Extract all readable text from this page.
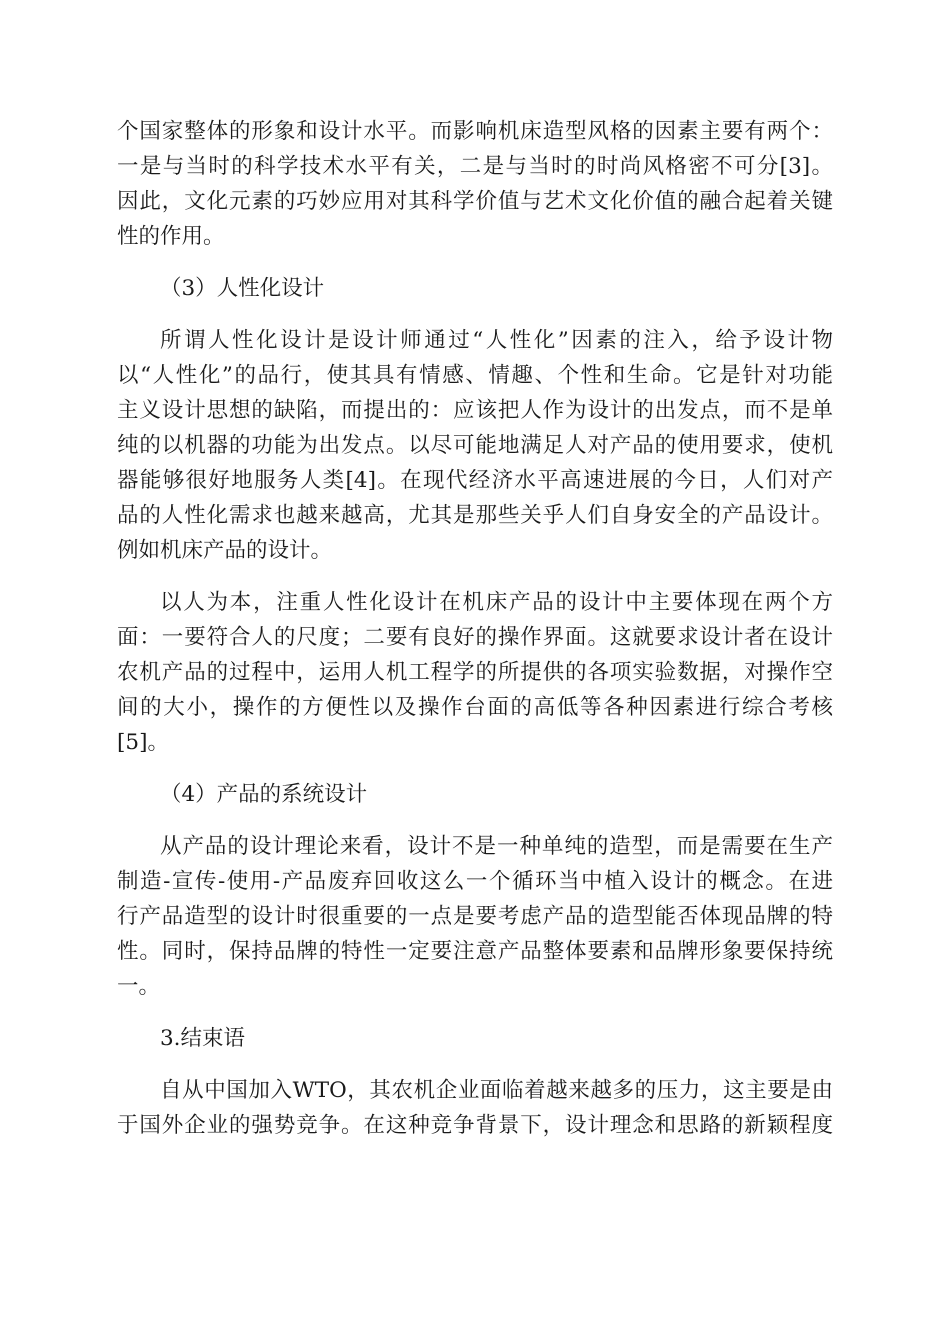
个国家整体的形象和设计水平。而影响机床造型风格的因素主要有两个：
一是与当时的科学技术水平有关，二是与当时的时尚风格密不可分[3]。
因此，文化元素的巧妙应用对其科学价值与艺术文化价值的融合起着关键
性的作用。
（3）人性化设计
所谓人性化设计是设计师通过“人性化”因素的注入，给予设计物
以“人性化”的品行，使其具有情感、情趣、个性和生命。它是针对功能
主义设计思想的缺陷，而提出的：应该把人作为设计的出发点，而不是单
纯的以机器的功能为出发点。以尽可能地满足人对产品的使用要求，使机
器能够很好地服务人类[4]。在现代经济水平高速进展的今日，人们对产
品的人性化需求也越来越高，尤其是那些关乎人们自身安全的产品设计。
例如机床产品的设计。
以人为本，注重人性化设计在机床产品的设计中主要体现在两个方
面：一要符合人的尺度；二要有良好的操作界面。这就要求设计者在设计
农机产品的过程中，运用人机工程学的所提供的各项实验数据，对操作空
间的大小，操作的方便性以及操作台面的高低等各种因素进行综合考核
[5]。
（4）产品的系统设计
从产品的设计理论来看，设计不是一种单纯的造型，而是需要在生产
制造-宣传-使用-产品废弃回收这么一个循环当中植入设计的概念。在进
行产品造型的设计时很重要的一点是要考虑产品的造型能否体现品牌的特
性。同时，保持品牌的特性一定要注意产品整体要素和品牌形象要保持统
一。
3.结束语
自从中国加入WTO，其农机企业面临着越来越多的压力，这主要是由
于国外企业的强势竞争。在这种竞争背景下，设计理念和思路的新颖程度
